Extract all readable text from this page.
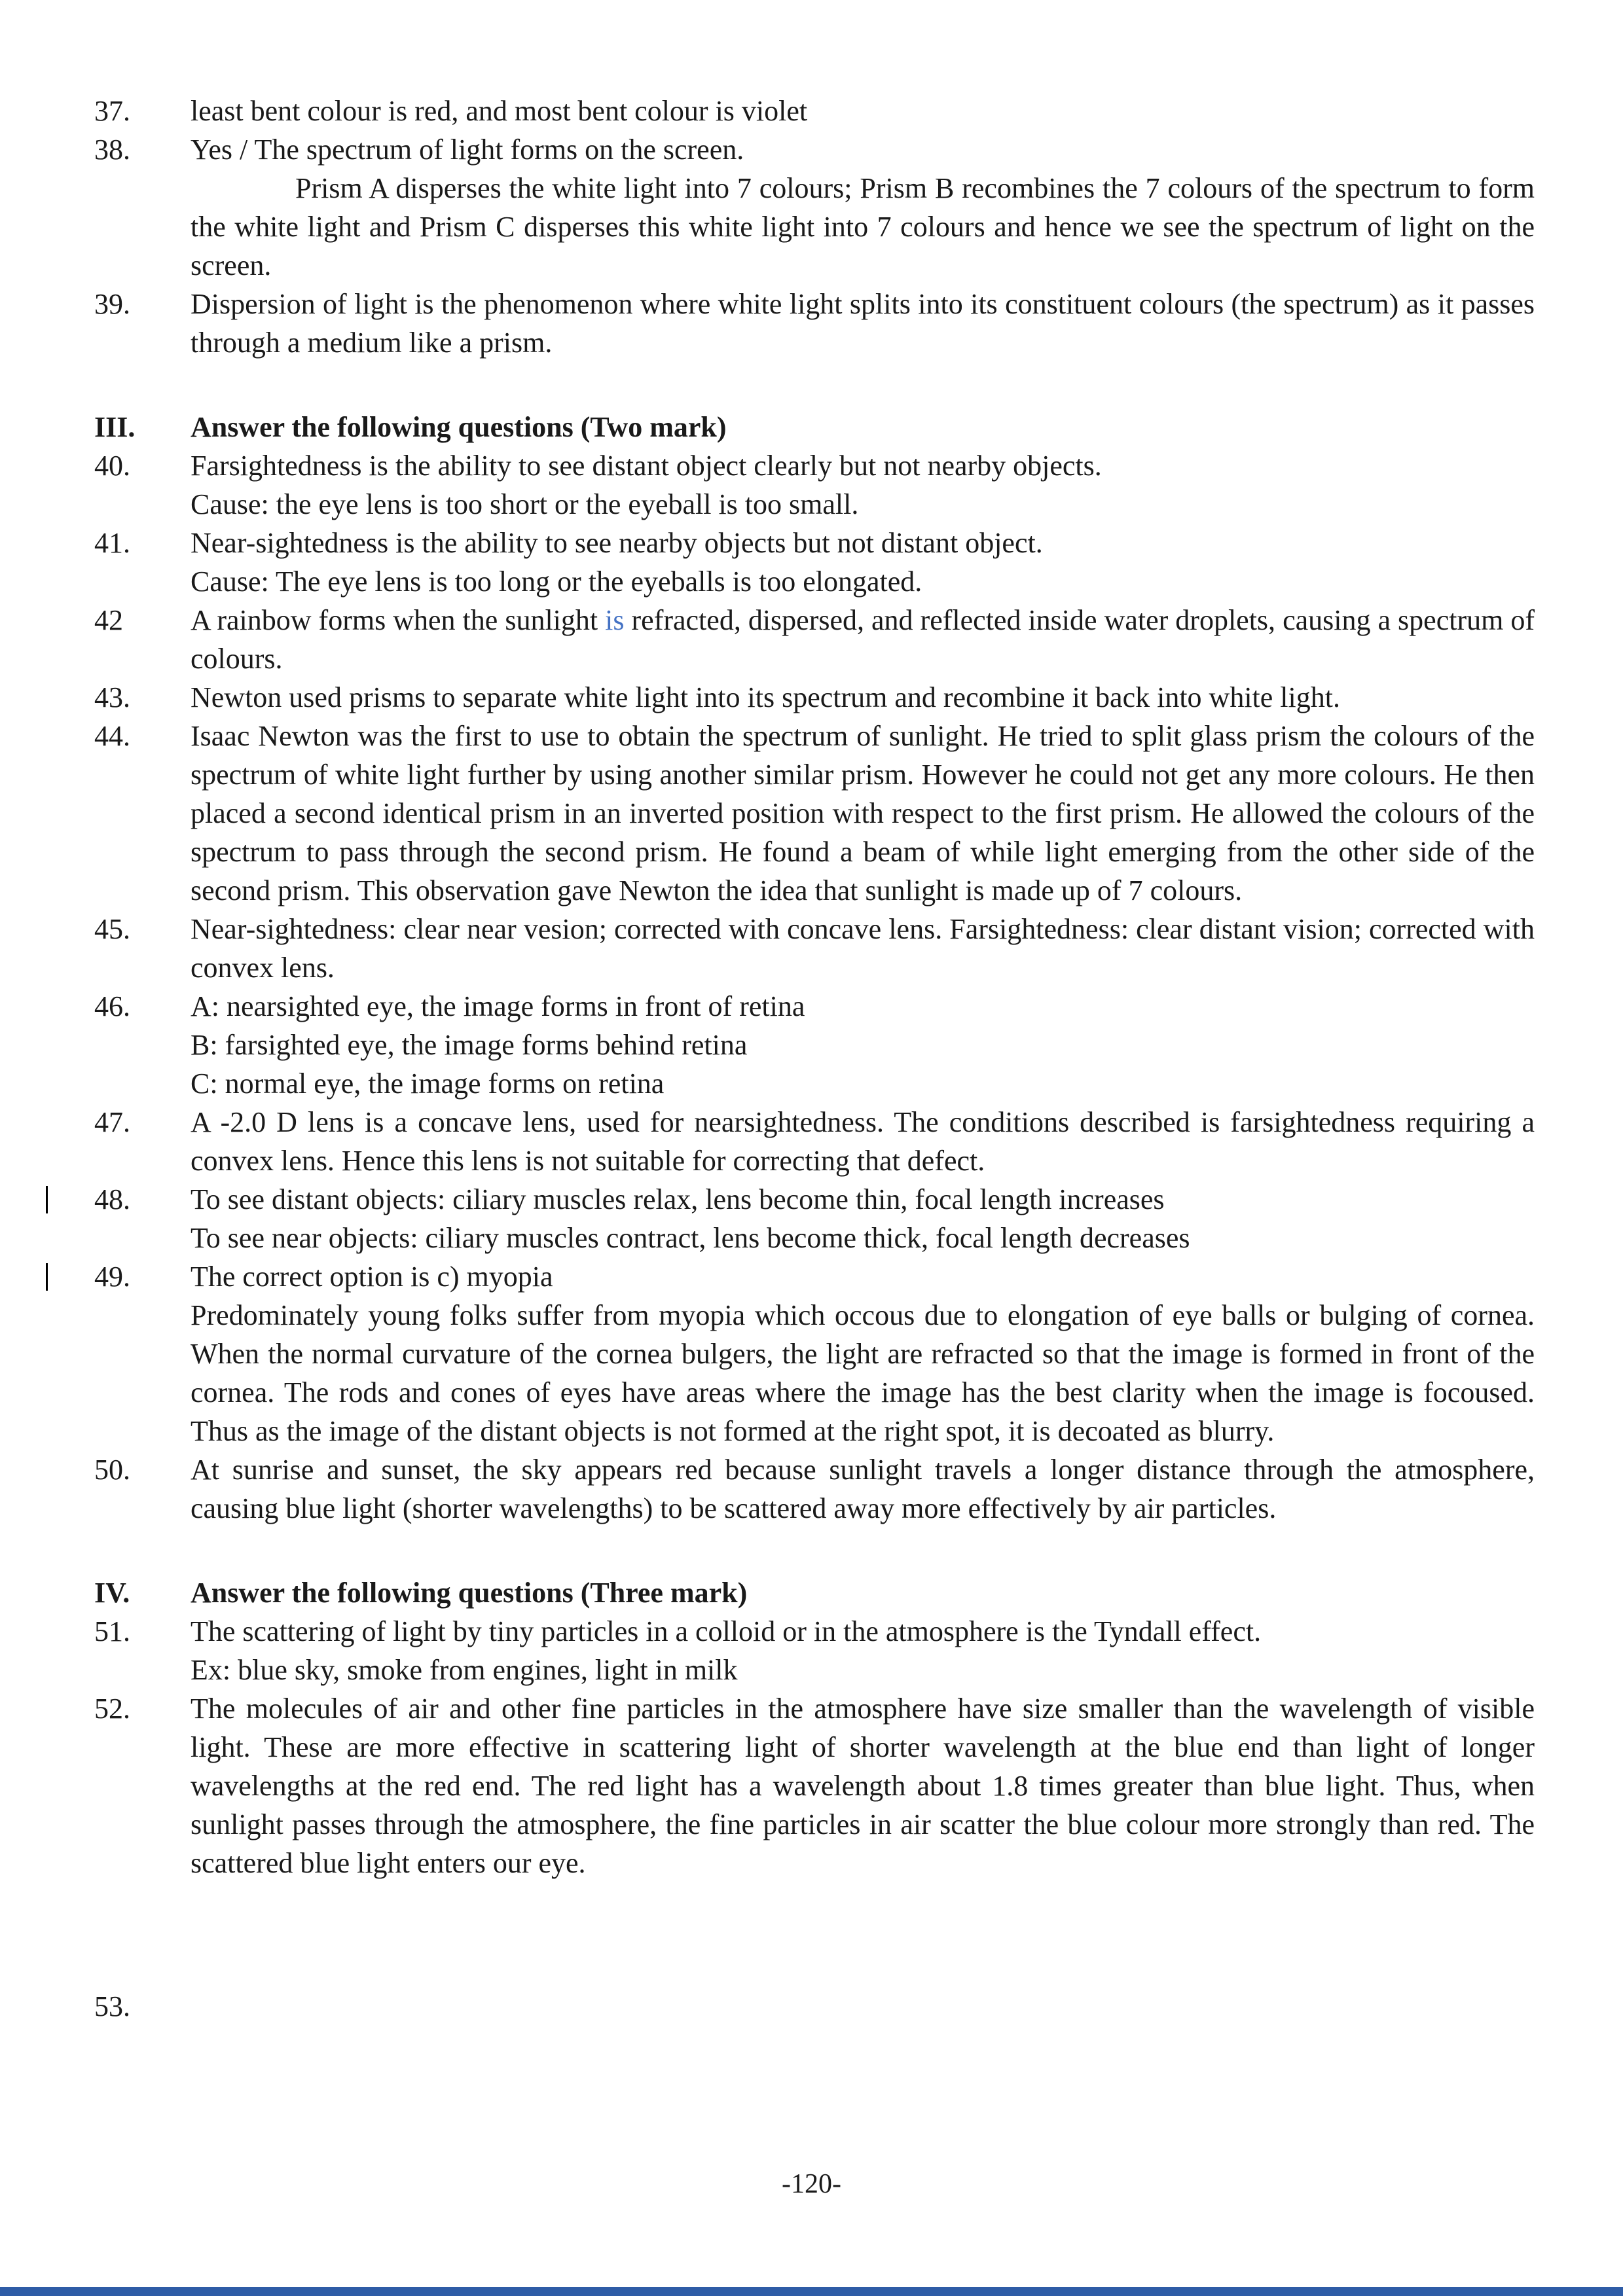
37.	least bent colour is red, and most bent colour is violet

38.	Yes / The spectrum of light forms on the screen.

Prism A disperses the white light into 7 colours; Prism B recombines the 7 colours of the spectrum to form the white light and Prism C disperses this white light into 7 colours and hence we see the spectrum of light on the screen.

39.	Dispersion of light is the phenomenon where white light splits into its constituent colours (the spectrum) as it passes through a medium like a prism.

III.	Answer the following questions (Two mark)

40.	Farsightedness is the ability to see distant object clearly but not nearby objects.

Cause: the eye lens is too short or the eyeball is too small.

41.	Near-sightedness is the ability to see nearby objects but not distant object.

Cause: The eye lens is too long or the eyeballs is too elongated.

42	A rainbow forms when the sunlight is refracted, dispersed, and reflected inside water droplets, causing a spectrum of colours.

43.	Newton used prisms to separate white light into its spectrum and recombine it back into white light.

44.	Isaac Newton was the first to use to obtain the spectrum of sunlight. He tried to split glass prism the colours of the spectrum of white light further by using another similar prism. However he could not get any more colours. He then placed a second identical prism in an inverted position with respect to the first prism. He allowed the colours of the spectrum to pass through the second prism. He found a beam of while light emerging from the other side of the second prism. This observation gave Newton the idea that sunlight is made up of 7 colours.

45.	Near-sightedness: clear near vesion; corrected with concave lens. Farsightedness: clear distant vision; corrected with convex lens.

46.	A: nearsighted eye, the image forms in front of retina

B: farsighted eye, the image forms behind retina

C: normal eye, the image forms on retina

47.	A -2.0 D lens is a concave lens, used for nearsightedness. The conditions described is farsightedness requiring a convex lens. Hence this lens is not suitable for correcting that defect.

48.	To see distant objects: ciliary muscles relax, lens become thin, focal length increases

To see near objects: ciliary muscles contract, lens become thick, focal length decreases

49.	The correct option is c) myopia

Predominately young folks suffer from myopia which occous due to elongation of eye balls or bulging of cornea. When the normal curvature of the cornea bulgers, the light are refracted so that the image is formed in front of the cornea. The rods and cones of eyes have areas where the image has the best clarity when the image is focoused. Thus as the image of the distant objects is not formed at the right spot, it is decoated as blurry.

50.	At sunrise and sunset, the sky appears red because sunlight travels a longer distance through the atmosphere, causing blue light (shorter wavelengths) to be scattered away more effectively by air particles.

IV.	Answer the following questions (Three mark)

51.	The scattering of light by tiny particles in a colloid or in the atmosphere is the Tyndall effect.

Ex: blue sky, smoke from engines, light in milk

52.	The molecules of air and other fine particles in the atmosphere have size smaller than the wavelength of visible light. These are more effective in scattering light of shorter wavelength at the blue end than light of longer wavelengths at the red end. The red light has a wavelength about 1.8 times greater than blue light. Thus, when sunlight passes through the atmosphere, the fine particles in air scatter the blue colour more strongly than red. The scattered blue light enters our eye.

53.

-120-
